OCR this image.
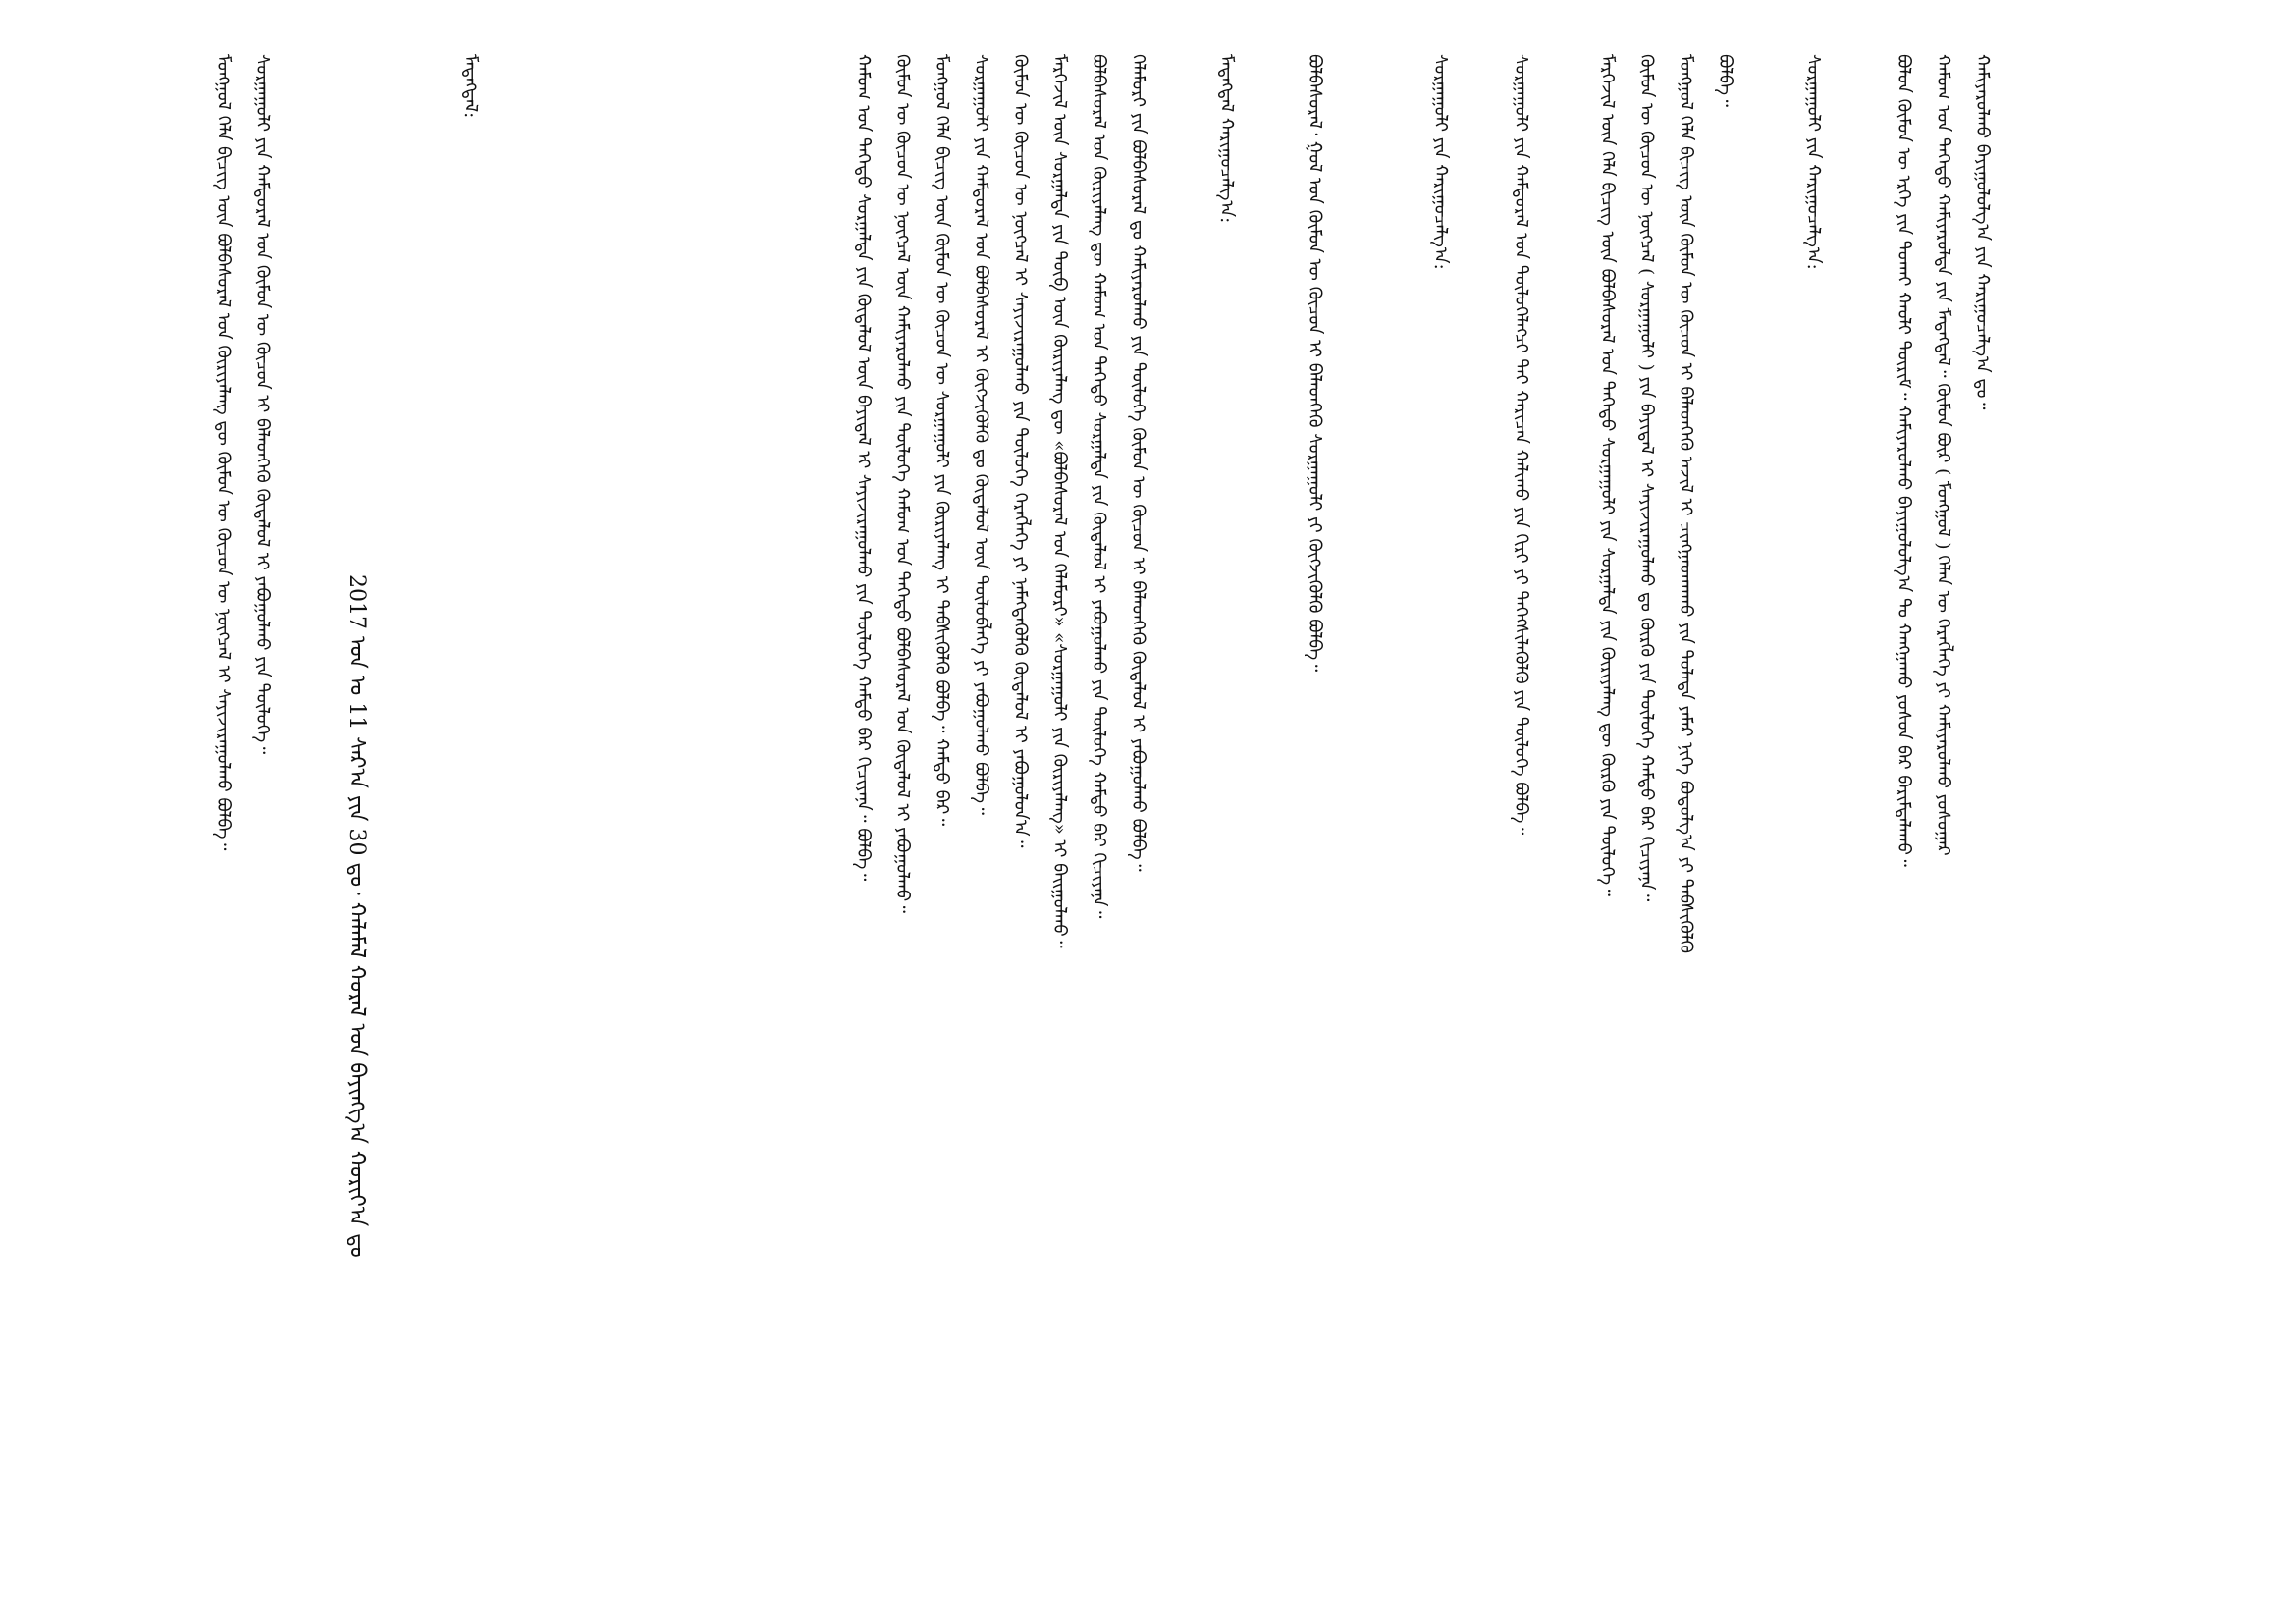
ᠬᠠᠮᠢᠶᠠᠷᠤᠯᠬᠤ ᠪᠠᠶᠢᠭᠤᠯᠤᠯᠭ᠎ᠠ ᠶᠢᠨ ᠬᠠᠷᠢᠭᠤᠴᠠᠯᠭ᠎ᠠ ᠳᠤ᠃
ᠬᠠᠮᠤᠭ ᠤᠨ ᠳᠡᠭᠡᠳᠦ ᠬᠠᠮᠢᠶᠠᠷᠤᠯᠳᠠ ᠶᠢᠨ ᠮᠡᠳᠡᠭᠳᠡᠯ᠃ ᠬᠦᠮᠦᠨ ᠪᠦᠷ ( ᠮᠣᠩᠭᠣᠯ ) ᠬᠡᠯᠡᠨ ᠦ ᠬᠡᠷᠡᠭᠯᠡᠭᠡ ᠶᠢ ᠬᠠᠮᠢᠶᠠᠷᠤᠯᠬᠤ ᠶᠣᠰᠣᠭᠠᠷ
ᠪᠣᠯᠣᠨ ᠬᠦᠮᠦᠨ ᠦ ᠡᠷᠬᠡ ᠶᠢᠨ ᠲᠤᠬᠠᠢ ᠬᠠᠤᠯᠢ ᠳᠦᠷᠢᠮ᠃ ᠬᠠᠮᠢᠶᠠᠷᠤᠯᠬᠤ ᠪᠠᠶᠢᠭᠤᠯᠤᠯᠭ᠎ᠠ ᠲᠤ ᠬᠠᠩᠭᠠᠬᠤ ᠶᠣᠰᠣᠨ ᠪᠠᠷ ᠪᠠᠷᠢᠮᠲᠠᠯᠠᠬᠤ᠃
ᠰᠤᠷᠭᠠᠭᠤᠯᠢ ᠶᠢᠨ ᠬᠠᠷᠢᠭᠤᠴᠠᠯᠭ᠎ᠠ:
ᠪᠣᠯᠪᠠ᠃
ᠮᠣᠩᠭᠣᠯ ᠬᠡᠯᠡ ᠪᠢᠴᠢᠭ ᠦᠨ ᠬᠦᠮᠦᠨ ᠦ ᠬᠦᠴᠦᠨ ᠢ ᠪᠡᠯᠡᠳᠬᠡᠬᠦ ᠠᠵᠢᠯ ᠢ ᠴᠢᠩᠭᠠᠳᠬᠠᠬᠤ ᠶᠢᠨ ᠲᠤᠯᠠᠳᠠ ᠶᠠᠮᠠᠷ ᠨᠢᠭᠡ ᠪᠣᠳᠤᠯᠭ᠎ᠠ ᠶᠢ ᠳᠡᠪᠰᠢᠭᠦᠯᠬᠦ
ᠬᠦᠮᠦᠨ ᠦ ᠬᠦᠴᠦᠨ ᠦ ᠨᠥᠭᠴᠡᠯ ( ᠰᠤᠷᠭᠠᠭᠤᠯᠢ ) ᠶᠢᠨ ᠪᠠᠶᠢᠳᠠᠯ ᠢ ᠰᠠᠶᠢᠵᠢᠷᠠᠭᠤᠯᠬᠤ ᠳᠤ ᠬᠦᠷᠬᠦ ᠶᠢᠨ ᠲᠥᠯᠥᠭᠡ ᠬᠠᠮᠲᠤ ᠪᠠᠷ ᠬᠢᠴᠢᠶᠡᠨᠡ᠃
ᠮᠡᠷᠭᠡᠵᠢᠯ ᠦᠨ ᠬᠡᠯᠡ ᠪᠢᠴᠢᠭ ᠦᠨ ᠪᠣᠯᠪᠠᠰᠤᠷᠠᠯ ᠤᠨ ᠳᠡᠭᠡᠳᠦ ᠰᠤᠷᠭᠠᠭᠤᠯᠢ ᠶᠢᠨ ᠰᠤᠷᠭᠠᠯᠲᠠ ᠶᠢᠨ ᠬᠦᠷᠢᠶᠡᠯᠡᠩ ᠳᠦ ᠬᠦᠷᠬᠦ ᠶᠢᠨ ᠲᠥᠯᠥᠭᠡ᠃
ᠰᠤᠷᠭᠠᠭᠤᠯᠢ ᠶᠢᠨ ᠬᠠᠮᠲᠤᠷᠠᠯ ᠤᠨ ᠲᠥᠯᠥᠭᠡᠯᠡᠭᠴᠢ ᠲᠡᠶ ᠬᠠᠷᠢᠴᠠᠨ ᠬᠠᠯᠢᠬᠤ ᠶᠢᠨ ᠬᠢᠷᠢ ᠶᠢ ᠳᠡᠭᠡᠭᠰᠢᠯᠡᠭᠦᠯᠬᠦ ᠶᠢᠨ ᠲᠥᠯᠥᠭᠡ ᠪᠣᠯᠪᠠ᠃
ᠰᠤᠷᠭᠠᠭᠤᠯᠢ ᠶᠢᠨ ᠬᠠᠷᠢᠭᠤᠴᠠᠯᠭ᠎ᠠ:
ᠪᠣᠯᠪᠠᠰᠤᠷᠠᠯ᠂ ᠭᠣᠯ ᠤᠨ ᠬᠦᠮᠦᠨ ᠦ ᠬᠦᠴᠦᠨ ᠢ ᠪᠡᠯᠡᠳᠬᠡᠬᠦ ᠰᠤᠷᠭᠠᠭᠤᠯᠢ ᠶᠢ ᠬᠥᠭᠵᠢᠭᠦᠯᠬᠦ ᠪᠣᠯᠪᠠ᠃
ᠮᠡᠳᠡᠭᠳᠡᠯ ᠬᠠᠷᠢᠭᠤᠴᠠᠯᠭ᠎ᠠ:
ᠬᠡᠯᠡᠮᠦᠷᠢ ᠶᠢᠨ ᠪᠣᠯᠪᠠᠰᠤᠷᠠᠯ ᠳᠤ ᠬᠠᠮᠢᠶᠠᠷᠤᠯᠬᠤ ᠶᠢᠨ ᠲᠥᠯᠥᠭᠡ ᠬᠦᠮᠦᠨ ᠦ ᠬᠦᠴᠦᠨ ᠢ ᠪᠡᠯᠡᠳᠬᠡᠬᠦ ᠬᠥᠳᠡᠯᠥᠯ ᠢ ᠶᠠᠪᠤᠭᠤᠯᠬᠤ ᠪᠣᠯᠪᠠ᠃
ᠪᠣᠯᠪᠠᠰᠤᠷᠠᠯ ᠤᠨ ᠬᠦᠷᠢᠶᠡᠯᠡᠩ ᠳᠦ ᠬᠠᠮᠤᠭ ᠤᠨ ᠳᠡᠭᠡᠳᠦ ᠰᠤᠷᠭᠠᠯᠲᠠ ᠶᠢᠨ ᠬᠥᠳᠡᠯᠥᠯ ᠢ ᠶᠠᠪᠤᠭᠤᠯᠬᠤ ᠶᠢᠨ ᠲᠥᠯᠥᠭᠡ ᠬᠠᠮᠲᠤ ᠪᠠᠷ ᠬᠢᠴᠢᠶᠡᠨᠡ᠃
ᠮᠡᠷᠭᠡᠵᠢᠯ ᠦᠨ ᠰᠤᠷᠭᠠᠯᠲᠠ ᠶᠢᠨ ᠲᠥᠪ ᠦᠨ ᠬᠦᠷᠢᠶᠡᠯᠡᠩ ᠳᠦ «ᠪᠣᠯᠪᠠᠰᠤᠷᠠᠯ ᠤᠨ ᠬᠡᠯᠡᠮᠦᠷᠢ» «ᠰᠤᠷᠭᠠᠭᠤᠯᠢ ᠶᠢᠨ ᠬᠦᠷᠢᠶᠡᠯᠡᠩ» ᠢ ᠪᠠᠢᠭᠤᠯᠬᠤ᠃
ᠬᠦᠮᠦᠨ ᠦ ᠬᠦᠴᠦᠨ ᠦ ᠨᠥᠭᠴᠡᠯ ᠢ ᠰᠠᠶᠢᠵᠢᠷᠠᠭᠤᠯᠬᠤ ᠶᠢᠨ ᠲᠥᠯᠥᠭᠡ ᠬᠡᠷᠡᠭᠯᠡᠭᠡ ᠶᠢ ᠨᠡᠮᠡᠭᠳᠡᠭᠦᠯᠬᠦ ᠬᠥᠳᠡᠯᠥᠯ ᠢ ᠶᠠᠪᠤᠭᠤᠯᠤᠨ᠎ᠠ᠃
ᠰᠤᠷᠭᠠᠭᠤᠯᠢ ᠶᠢᠨ ᠬᠠᠮᠲᠤᠷᠠᠯ ᠤᠨ ᠪᠣᠯᠪᠠᠰᠤᠷᠠᠯ ᠢ ᠬᠥᠭᠵᠢᠭᠦᠯᠬᠦ ᠳᠤ ᠬᠥᠳᠡᠯᠥᠯ ᠦᠨ ᠲᠥᠯᠥᠪᠯᠡᠭᠡ ᠶᠢ ᠶᠠᠪᠤᠭᠤᠯᠬᠤ ᠪᠣᠯᠪᠠ᠃
ᠮᠣᠩᠭᠣᠯ ᠬᠡᠯᠡ ᠪᠢᠴᠢᠭ ᠦᠨ ᠬᠦᠮᠦᠨ ᠦ ᠬᠦᠴᠦᠨ ᠦ ᠰᠤᠷᠭᠠᠭᠤᠯᠢ ᠶᠢᠨ ᠬᠦᠷᠢᠶᠡᠯᠡᠩ ᠢ ᠳᠡᠪᠰᠢᠭᠦᠯᠬᠦ ᠪᠣᠯᠪᠠ᠃ ᠬᠠᠮᠲᠤ ᠪᠠᠷ᠃
ᠬᠦᠮᠦᠨ ᠦ ᠬᠦᠴᠦᠨ ᠦ ᠨᠥᠭᠴᠡᠯ ᠦᠨ ᠬᠠᠮᠢᠶᠠᠷᠤᠯᠬᠤ ᠶᠢᠨ ᠲᠥᠯᠥᠭᠡ ᠬᠠᠮᠤᠭ ᠤᠨ ᠳᠡᠭᠡᠳᠦ ᠪᠣᠯᠪᠠᠰᠤᠷᠠᠯ ᠤᠨ ᠬᠥᠳᠡᠯᠥᠯ ᠢ ᠶᠠᠪᠤᠭᠤᠯᠬᠤ᠃
ᠬᠠᠮᠤᠭ ᠤᠨ ᠳᠡᠭᠡᠳᠦ ᠰᠤᠷᠭᠠᠯᠲᠠ ᠶᠢᠨ ᠬᠥᠳᠡᠯᠥᠯ ᠦᠨ ᠪᠠᠶᠢᠳᠠᠯ ᠢ ᠰᠠᠶᠢᠵᠢᠷᠠᠭᠤᠯᠬᠤ ᠶᠢᠨ ᠲᠥᠯᠥᠭᠡ ᠬᠠᠮᠲᠤ ᠪᠠᠷ ᠬᠢᠴᠢᠶᠡᠨᠡ᠃ ᠪᠣᠯᠪᠠ᠃
ᠮᠡᠳᠡᠭᠳᠡᠯ:
2017 ᠣᠨ ᠤ 11 ᠰᠠᠷ᠎ᠠ ᠶᠢᠨ 30 ᠳᠤ᠂ ᠬᠠᠯᠠᠮᠠᠯ ᠬᠤᠷᠠᠯ ᠤᠨ ᠪᠠᠶᠢᠩᠭ᠎ᠠ ᠬᠣᠷᠢᠶ᠎ᠠ ᠳᠤ
ᠰᠤᠷᠭᠠᠭᠤᠯᠢ ᠶᠢᠨ ᠬᠠᠮᠲᠤᠷᠠᠯ ᠤᠨ ᠬᠦᠮᠦᠨ ᠦ ᠬᠦᠴᠦᠨ ᠢ ᠪᠡᠯᠡᠳᠬᠡᠬᠦ ᠬᠥᠳᠡᠯᠥᠯ ᠢ ᠶᠠᠪᠤᠭᠤᠯᠬᠤ ᠶᠢᠨ ᠲᠥᠯᠥᠭᠡ᠃
ᠮᠣᠩᠭᠣᠯ ᠬᠡᠯᠡ ᠪᠢᠴᠢᠭ ᠦᠨ ᠪᠣᠯᠪᠠᠰᠤᠷᠠᠯ ᠤᠨ ᠬᠦᠷᠢᠶᠡᠯᠡᠩ ᠳᠦ ᠬᠦᠮᠦᠨ ᠦ ᠬᠦᠴᠦᠨ ᠦ ᠨᠥᠭᠴᠡᠯ ᠢ ᠰᠠᠶᠢᠵᠢᠷᠠᠭᠤᠯᠬᠤ ᠪᠣᠯᠪᠠ᠃
